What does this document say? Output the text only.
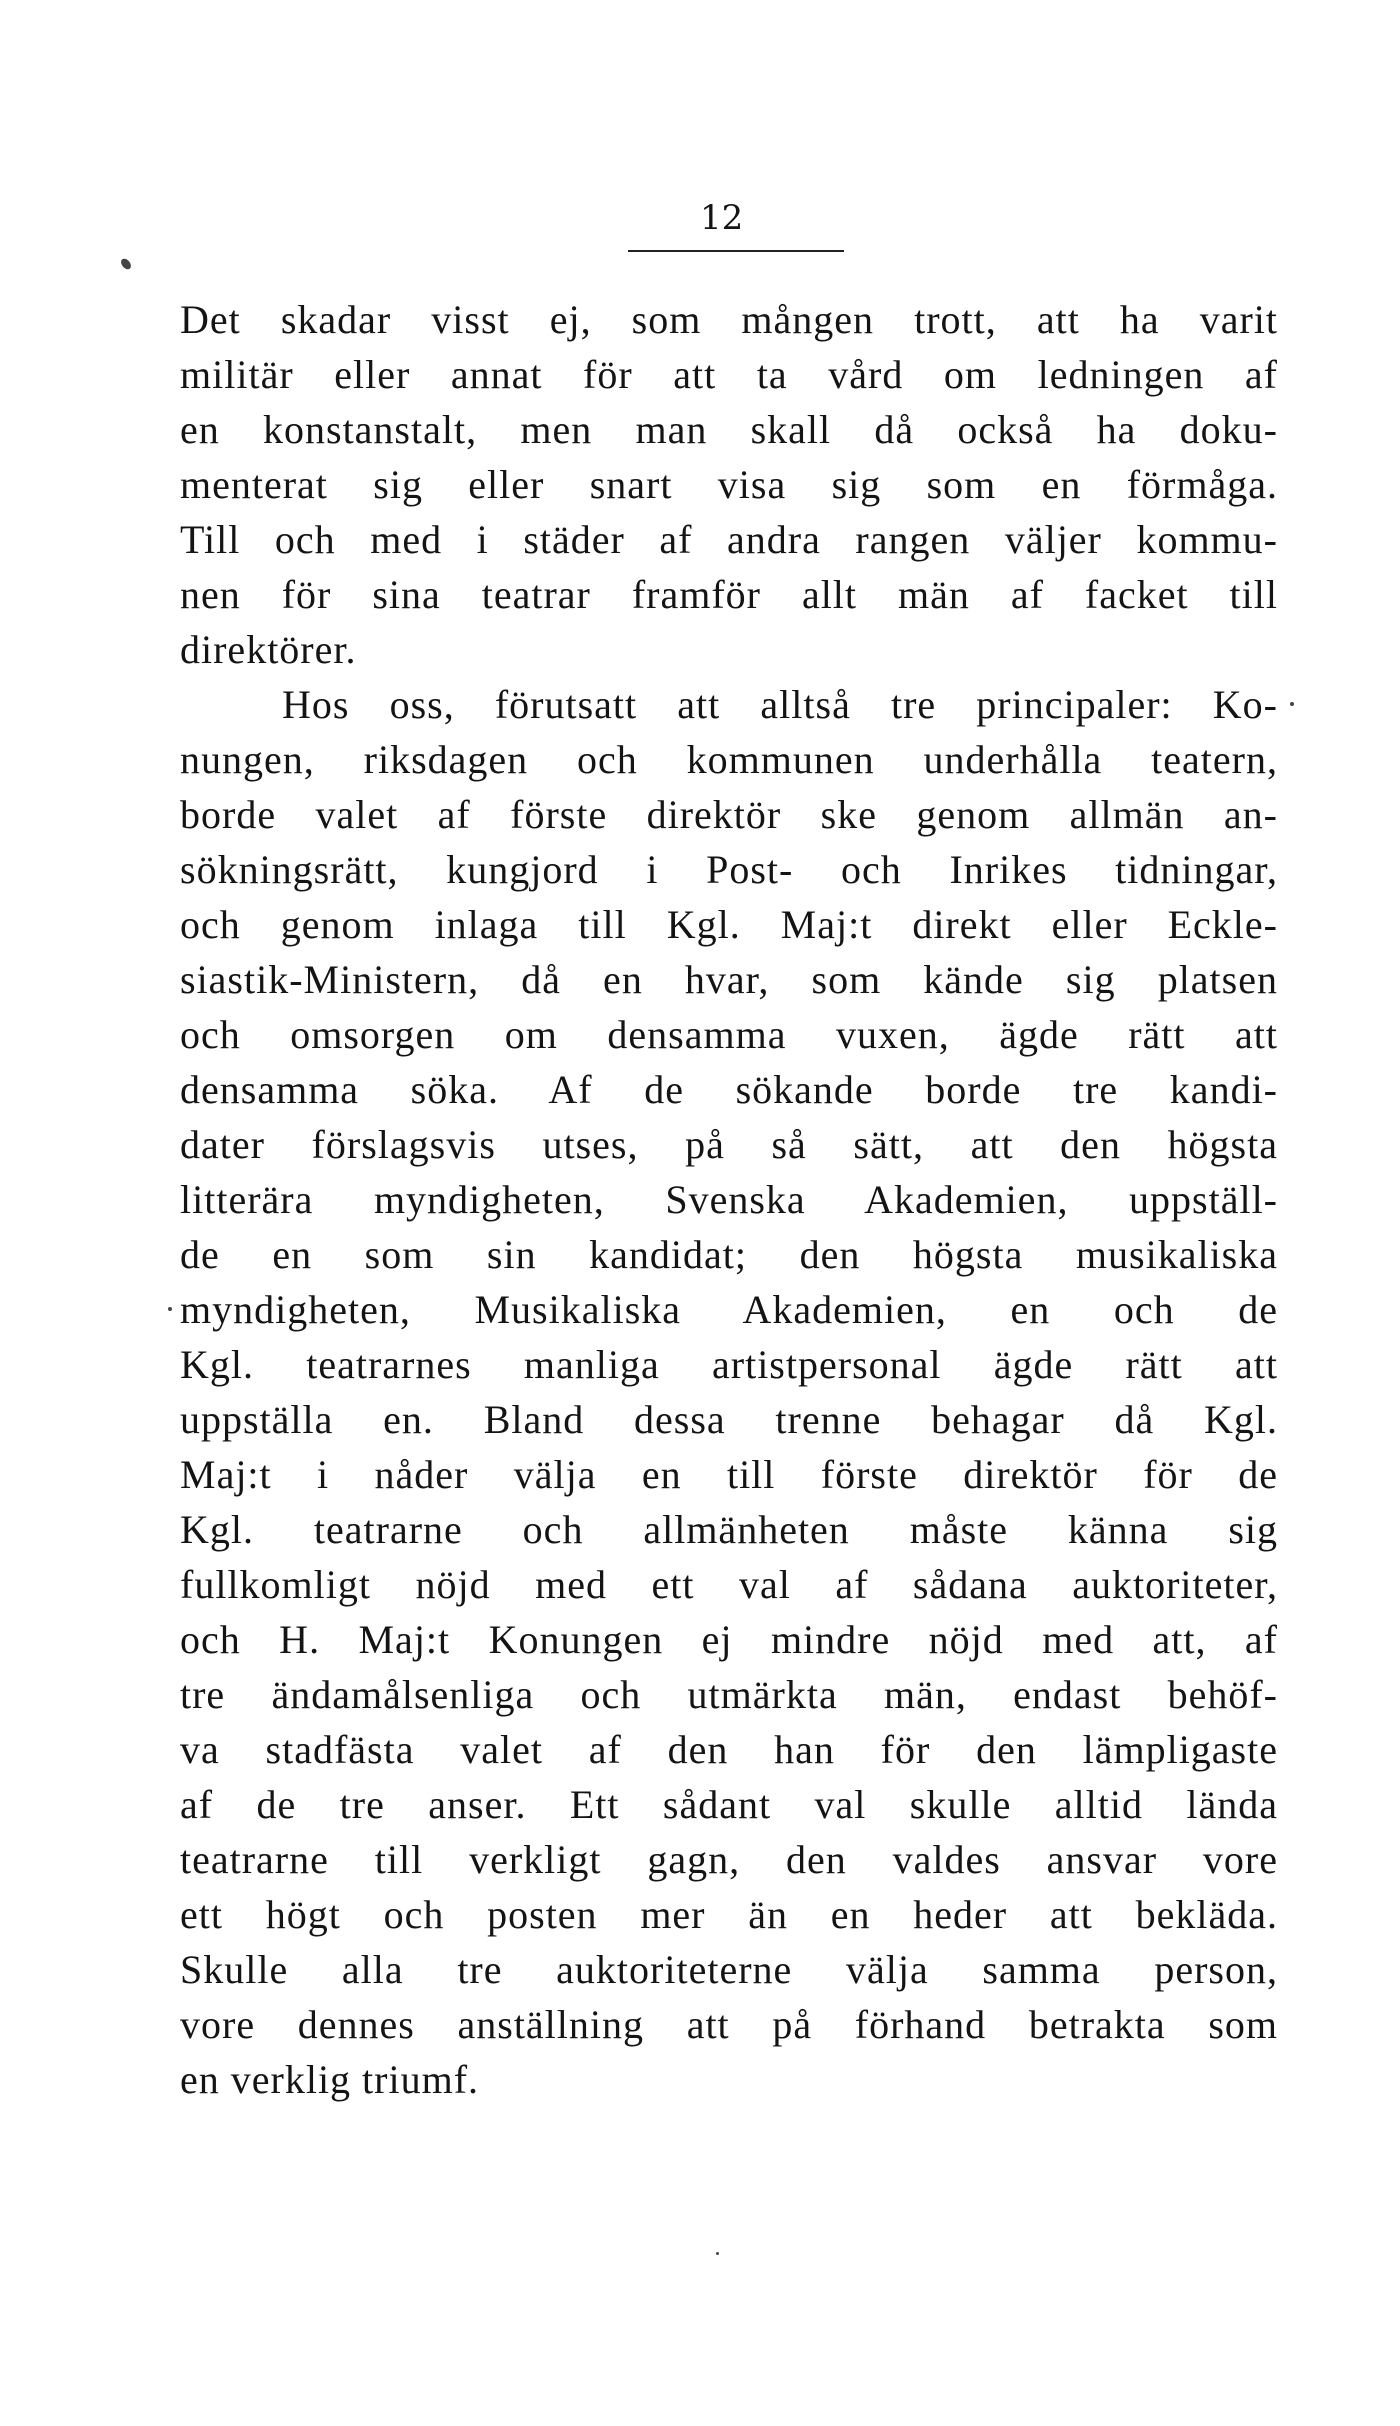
12
Det skadar visst ej, som mången trott, att ha varit
militär eller annat för att ta vård om ledningen af
en konstanstalt, men man skall då också ha doku-
menterat sig eller snart visa sig som en förmåga.
Till och med i städer af andra rangen väljer kommu-
nen för sina teatrar framför allt män af facket till
direktörer.
Hos oss, förutsatt att alltså tre principaler: Ko-
nungen, riksdagen och kommunen underhålla teatern,
borde valet af förste direktör ske genom allmän an-
sökningsrätt, kungjord i Post- och Inrikes tidningar,
och genom inlaga till Kgl. Maj:t direkt eller Eckle-
siastik-Ministern, då en hvar, som kände sig platsen
och omsorgen om densamma vuxen, ägde rätt att
densamma söka. Af de sökande borde tre kandi-
dater förslagsvis utses, på så sätt, att den högsta
litterära myndigheten, Svenska Akademien, uppställ-
de en som sin kandidat; den högsta musikaliska
myndigheten, Musikaliska Akademien, en och de
Kgl. teatrarnes manliga artistpersonal ägde rätt att
uppställa en. Bland dessa trenne behagar då Kgl.
Maj:t i nåder välja en till förste direktör för de
Kgl. teatrarne och allmänheten måste känna sig
fullkomligt nöjd med ett val af sådana auktoriteter,
och H. Maj:t Konungen ej mindre nöjd med att, af
tre ändamålsenliga och utmärkta män, endast behöf-
va stadfästa valet af den han för den lämpligaste
af de tre anser. Ett sådant val skulle alltid lända
teatrarne till verkligt gagn, den valdes ansvar vore
ett högt och posten mer än en heder att bekläda.
Skulle alla tre auktoriteterne välja samma person,
vore dennes anställning att på förhand betrakta som
en verklig triumf.
